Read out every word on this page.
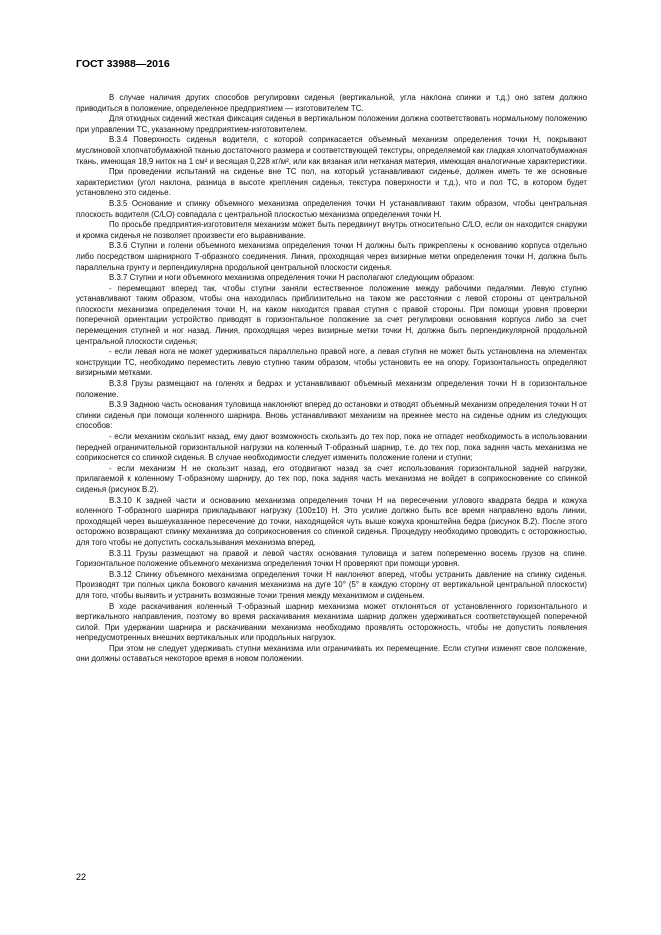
ГОСТ 33988—2016

В случае наличия других способов регулировки сиденья (вертикальной, угла наклона спинки и т.д.) оно затем должно приводиться в положение, определенное предприятием — изготовителем ТС.

Для откидных сидений жесткая фиксация сиденья в вертикальном положении должна соответствовать нормальному положению при управлении ТС, указанному предприятием-изготовителем.

В.3.4 Поверхность сиденья водителя, с которой соприкасается объемный механизм определения точки Н, покрывают муслиновой хлопчатобумажной тканью достаточного размера и соответствующей текстуры, определяемой как гладкая хлопчатобумажная ткань, имеющая 18,9 ниток на 1 см² и весящая 0,228 кг/м², или как вязаная или нетканая материя, имеющая аналогичные характеристики.

При проведении испытаний на сиденье вне ТС пол, на который устанавливают сиденье, должен иметь те же основные характеристики (угол наклона, разница в высоте крепления сиденья, текстура поверхности и т.д.), что и пол ТС, в котором будет установлено это сиденье.

В.3.5 Основание и спинку объемного механизма определения точки Н устанавливают таким образом, чтобы центральная плоскость водителя (C/LO) совпадала с центральной плоскостью механизма определения точки Н.

По просьбе предприятия-изготовителя механизм может быть передвинут внутрь относительно C/LO, если он находится снаружи и кромка сиденья не позволяет произвести его выравнивание.

В.3.6 Ступни и голени объемного механизма определения точки Н должны быть прикреплены к основанию корпуса отдельно либо посредством шарнирного Т-образного соединения. Линия, проходящая через визирные метки определения точки Н, должна быть параллельна грунту и перпендикулярна продольной центральной плоскости сиденья.

В.3.7 Ступни и ноги объемного механизма определения точки Н располагают следующим образом:

- перемещают вперед так, чтобы ступни заняли естественное положение между рабочими педалями. Левую ступню устанавливают таким образом, чтобы она находилась приблизительно на таком же расстоянии с левой стороны от центральной плоскости механизма определения точки Н, на каком находится правая ступня с правой стороны. При помощи уровня проверки поперечной ориентации устройство приводят в горизонтальное положение за счет регулировки основания корпуса либо за счет перемещения ступней и ног назад. Линия, проходящая через визирные метки точки Н, должна быть перпендикулярной продольной центральной плоскости сиденья;

- если левая нога не может удерживаться параллельно правой ноге, а левая ступня не может быть установлена на элементах конструкции ТС, необходимо переместить левую ступню таким образом, чтобы установить ее на опору. Горизонтальность определяют визирными метками.

В.3.8 Грузы размещают на голенях и бедрах и устанавливают объемный механизм определения точки Н в горизонтальное положение.

В.3.9 Заднюю часть основания туловища наклоняют вперед до остановки и отводят объемный механизм определения точки Н от спинки сиденья при помощи коленного шарнира. Вновь устанавливают механизм на прежнее место на сиденье одним из следующих способов:

- если механизм скользит назад, ему дают возможность скользить до тех пор, пока не отпадет необходимость в использовании передней ограничительной горизонтальной нагрузки на коленный Т-образный шарнир, т.е. до тех пор, пока задняя часть механизма не соприкоснется со спинкой сиденья. В случае необходимости следует изменить положение голени и ступни;

- если механизм Н не скользит назад, его отодвигают назад за счет использования горизонтальной задней нагрузки, прилагаемой к коленному Т-образному шарниру, до тех пор, пока задняя часть механизма не войдет в соприкосновение со спинкой сиденья (рисунок В.2).

В.3.10 К задней части и основанию механизма определения точки Н на пересечении углового квадрата бедра и кожуха коленного Т-образного шарнира прикладывают нагрузку (100±10) Н. Это усилие должно быть все время направлено вдоль линии, проходящей через вышеуказанное пересечение до точки, находящейся чуть выше кожуха кронштейна бедра (рисунок В.2). После этого осторожно возвращают спинку механизма до соприкосновения со спинкой сиденья. Процедуру необходимо проводить с осторожностью, для того чтобы не допустить соскальзывания механизма вперед.

В.3.11 Грузы размещают на правой и левой частях основания туловища и затем попеременно восемь грузов на спине. Горизонтальное положение объемного механизма определения точки Н проверяют при помощи уровня.

В.3.12 Спинку объемного механизма определения точки Н наклоняют вперед, чтобы устранить давление на спинку сиденья. Производят три полных цикла бокового качания механизма на дуге 10° (5° в каждую сторону от вертикальной центральной плоскости) для того, чтобы выявить и устранить возможные точки трения между механизмом и сиденьем.

В ходе раскачивания коленный Т-образный шарнир механизма может отклоняться от установленного горизонтального и вертикального направления, поэтому во время раскачивания механизма шарнир должен удерживаться соответствующей поперечной силой. При удержании шарнира и раскачивании механизма необходимо проявлять осторожность, чтобы не допустить появления непредусмотренных внешних вертикальных или продольных нагрузок.

При этом не следует удерживать ступни механизма или ограничивать их перемещение. Если ступни изменят свое положение, они должны оставаться некоторое время в новом положении.

22
